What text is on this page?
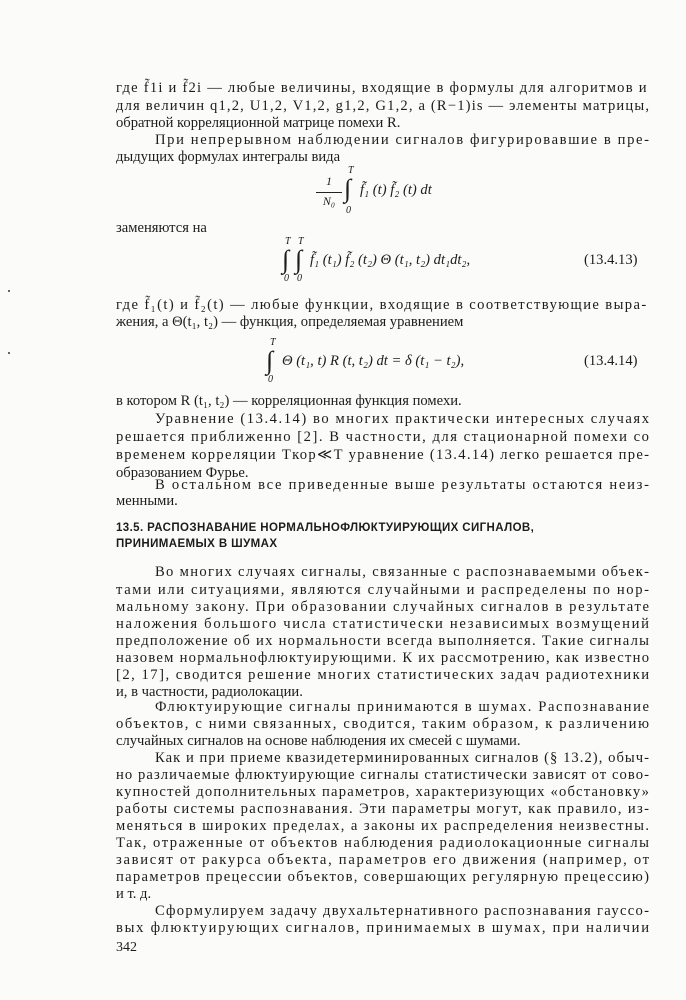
где f̃1i и f̃2i — любые величины, входящие в формулы для алгоритмов и
для величин q1,2, U1,2, V1,2, g1,2, G1,2, а (R−1)is — элементы матрицы,
обратной корреляционной матрице помехи R.
При непрерывном наблюдении сигналов фигурировавшие в пре-
дыдущих формулах интегралы вида
1
N₀
T
∫
0
f̃₁ (t) f̃₂ (t) dt
заменяются на
T T
∫ ∫
0 0
f̃₁ (t₁) f̃₂ (t₂) Θ (t₁, t₂) dt₁dt₂,	(13.4.13)
где f̃₁(t) и f̃₂(t) — любые функции, входящие в соответствующие выра-
жения, а Θ(t₁, t₂) — функция, определяемая уравнением
T
∫
0
Θ (t₁, t) R (t, t₂) dt = δ (t₁ − t₂),	(13.4.14)
в котором R (t₁, t₂) — корреляционная функция помехи.
Уравнение (13.4.14) во многих практически интересных случаях
решается приближенно [2]. В частности, для стационарной помехи со
временем корреляции Tкор≪T уравнение (13.4.14) легко решается пре-
образованием Фурье.
В остальном все приведенные выше результаты остаются неиз-
менными.
13.5. РАСПОЗНАВАНИЕ НОРМАЛЬНОФЛЮКТУИРУЮЩИХ СИГНАЛОВ,
ПРИНИМАЕМЫХ В ШУМАХ
Во многих случаях сигналы, связанные с распознаваемыми объек-
тами или ситуациями, являются случайными и распределены по нор-
мальному закону. При образовании случайных сигналов в результате
наложения большого числа статистически независимых возмущений
предположение об их нормальности всегда выполняется. Такие сигналы
назовем нормальнофлюктуирующими. К их рассмотрению, как известно
[2, 17], сводится решение многих статистических задач радиотехники
и, в частности, радиолокации.
Флюктуирующие сигналы принимаются в шумах. Распознавание
объектов, с ними связанных, сводится, таким образом, к различению
случайных сигналов на основе наблюдения их смесей с шумами.
Как и при приеме квазидетерминированных сигналов (§ 13.2), обыч-
но различаемые флюктуирующие сигналы статистически зависят от сово-
купностей дополнительных параметров, характеризующих «обстановку»
работы системы распознавания. Эти параметры могут, как правило, из-
меняться в широких пределах, а законы их распределения неизвестны.
Так, отраженные от объектов наблюдения радиолокационные сигналы
зависят от ракурса объекта, параметров его движения (например, от
параметров прецессии объектов, совершающих регулярную прецессию)
и т. д.
Сформулируем задачу двухальтернативного распознавания гауссо-
вых флюктуирующих сигналов, принимаемых в шумах, при наличии
342
